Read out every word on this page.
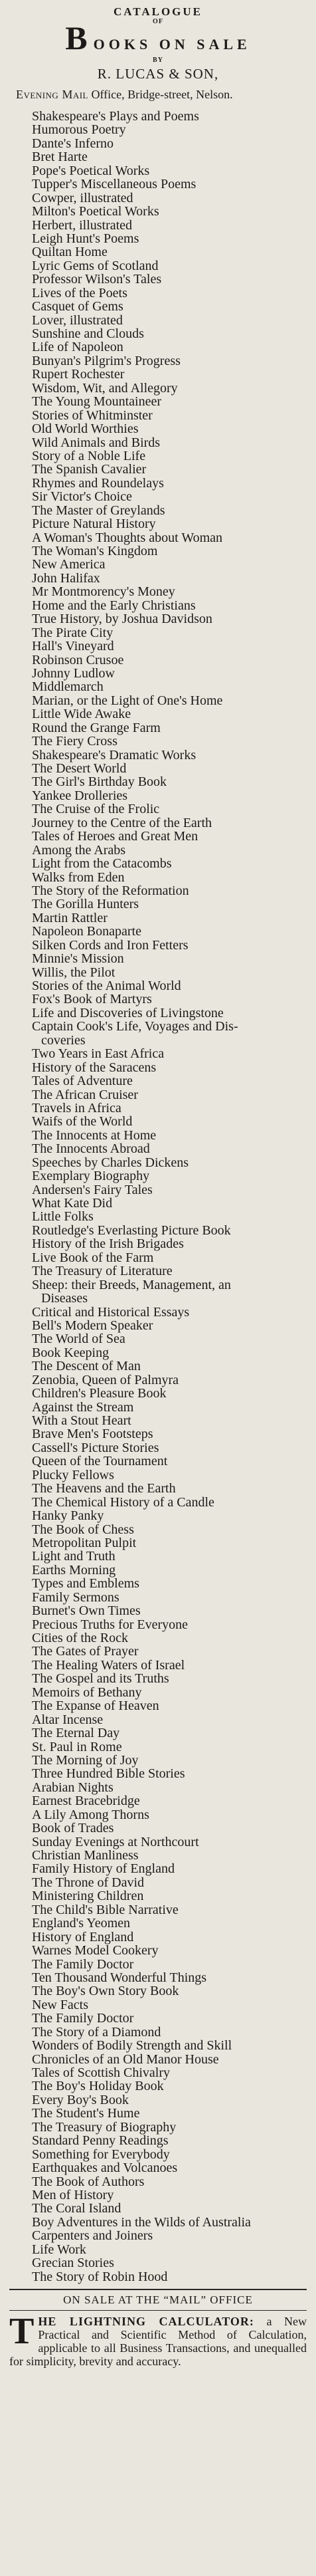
CATALOGUE
OF
B OOKS ON SALE
BY
R. LUCAS & SON,
Evening Mail Office, Bridge-street, Nelson.
Shakespeare's Plays and Poems
Humorous Poetry
Dante's Inferno
Bret Harte
Pope's Poetical Works
Tupper's Miscellaneous Poems
Cowper, illustrated
Milton's Poetical Works
Herbert, illustrated
Leigh Hunt's Poems
Quiltan Home
Lyric Gems of Scotland
Professor Wilson's Tales
Lives of the Poets
Casquet of Gems
Lover, illustrated
Sunshine and Clouds
Life of Napoleon
Bunyan's Pilgrim's Progress
Rupert Rochester
Wisdom, Wit, and Allegory
The Young Mountaineer
Stories of Whitminster
Old World Worthies
Wild Animals and Birds
Story of a Noble Life
The Spanish Cavalier
Rhymes and Roundelays
Sir Victor's Choice
The Master of Greylands
Picture Natural History
A Woman's Thoughts about Woman
The Woman's Kingdom
New America
John Halifax
Mr Montmorency's Money
Home and the Early Christians
True History, by Joshua Davidson
The Pirate City
Hall's Vineyard
Robinson Crusoe
Johnny Ludlow
Middlemarch
Marian, or the Light of One's Home
Little Wide Awake
Round the Grange Farm
The Fiery Cross
Shakespeare's Dramatic Works
The Desert World
The Girl's Birthday Book
Yankee Drolleries
The Cruise of the Frolic
Journey to the Centre of the Earth
Tales of Heroes and Great Men
Among the Arabs
Light from the Catacombs
Walks from Eden
The Story of the Reformation
The Gorilla Hunters
Martin Rattler
Napoleon Bonaparte
Silken Cords and Iron Fetters
Minnie's Mission
Willis, the Pilot
Stories of the Animal World
Fox's Book of Martyrs
Life and Discoveries of Livingstone
Captain Cook's Life, Voyages and Dis-
coveries
Two Years in East Africa
History of the Saracens
Tales of Adventure
The African Cruiser
Travels in Africa
Waifs of the World
The Innocents at Home
The Innocents Abroad
Speeches by Charles Dickens
Exemplary Biography
Andersen's Fairy Tales
What Kate Did
Little Folks
Routledge's Everlasting Picture Book
History of the Irish Brigades
Live Book of the Farm
The Treasury of Literature
Sheep: their Breeds, Management, an
Diseases
Critical and Historical Essays
Bell's Modern Speaker
The World of Sea
Book Keeping
The Descent of Man
Zenobia, Queen of Palmyra
Children's Pleasure Book
Against the Stream
With a Stout Heart
Brave Men's Footsteps
Cassell's Picture Stories
Queen of the Tournament
Plucky Fellows
The Heavens and the Earth
The Chemical History of a Candle
Hanky Panky
The Book of Chess
Metropolitan Pulpit
Light and Truth
Earths Morning
Types and Emblems
Family Sermons
Burnet's Own Times
Precious Truths for Everyone
Cities of the Rock
The Gates of Prayer
The Healing Waters of Israel
The Gospel and its Truths
Memoirs of Bethany
The Expanse of Heaven
Altar Incense
The Eternal Day
St. Paul in Rome
The Morning of Joy
Three Hundred Bible Stories
Arabian Nights
Earnest Bracebridge
A Lily Among Thorns
Book of Trades
Sunday Evenings at Northcourt
Christian Manliness
Family History of England
The Throne of David
Ministering Children
The Child's Bible Narrative
England's Yeomen
History of England
Warnes Model Cookery
The Family Doctor
Ten Thousand Wonderful Things
The Boy's Own Story Book
New Facts
The Family Doctor
The Story of a Diamond
Wonders of Bodily Strength and Skill
Chronicles of an Old Manor House
Tales of Scottish Chivalry
The Boy's Holiday Book
Every Boy's Book
The Student's Hume
The Treasury of Biography
Standard Penny Readings
Something for Everybody
Earthquakes and Volcanoes
The Book of Authors
Men of History
The Coral Island
Boy Adventures in the Wilds of Australia
Carpenters and Joiners
Life Work
Grecian Stories
The Story of Robin Hood
ON SALE AT THE “MAIL” OFFICE
T HE LIGHTNING CALCULATOR: a New Practical and Scientific Method of Calculation, applicable to all Business Transactions, and unequalled for simplicity, brevity and accuracy.
